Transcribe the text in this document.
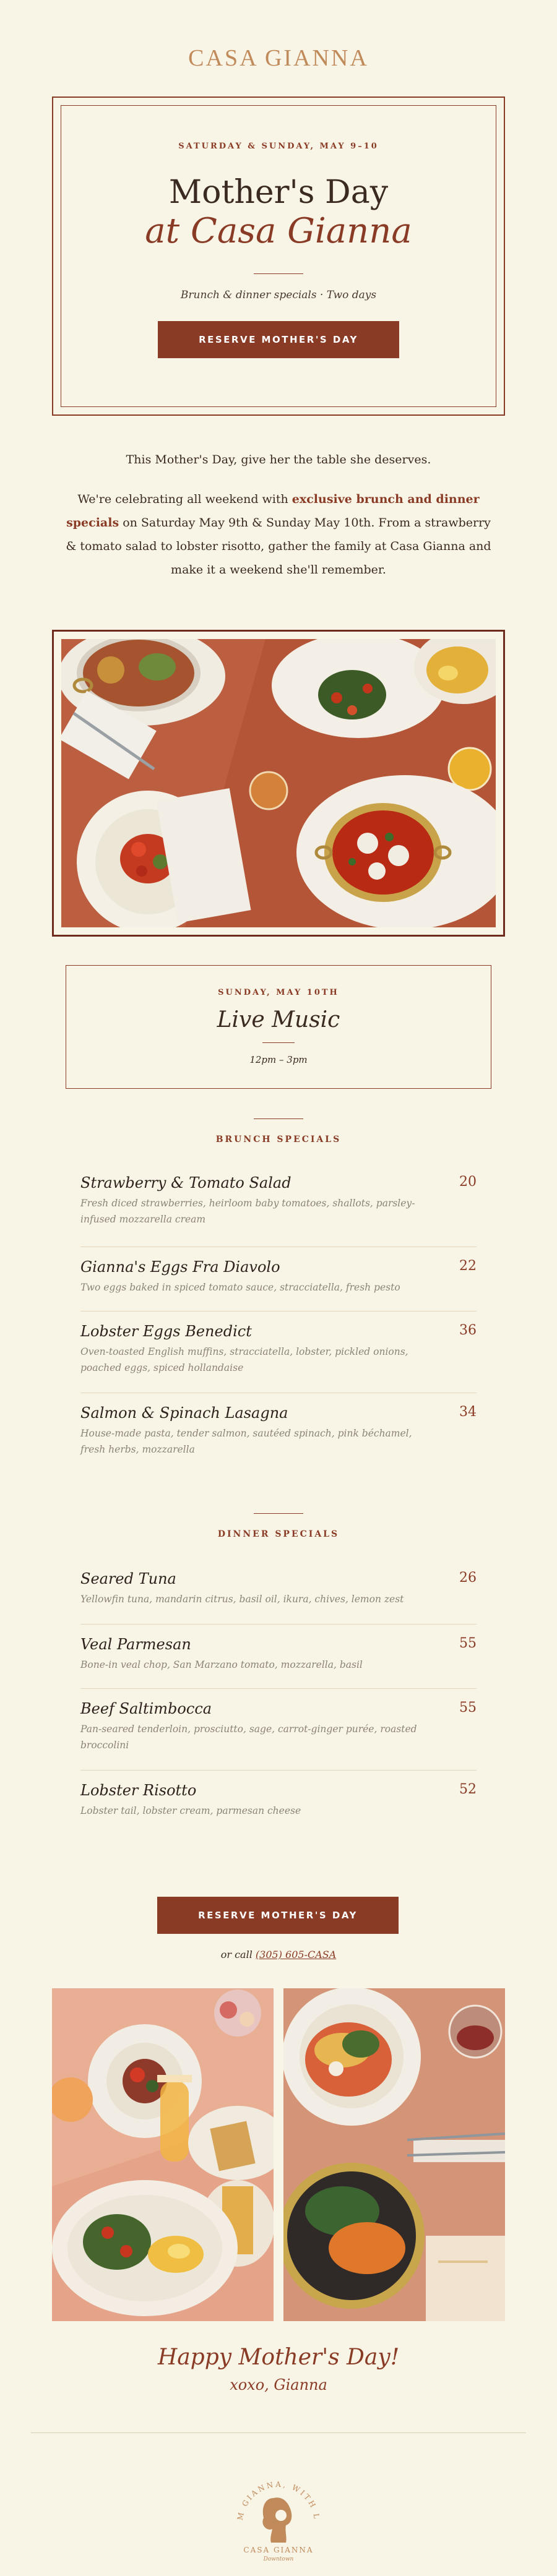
CASA GIANNA
SATURDAY & SUNDAY, MAY 9–10
Mother's Day
at Casa Gianna
Brunch & dinner specials · Two days
RESERVE MOTHER'S DAY

This Mother's Day, give her the table she deserves.

We're celebrating all weekend with exclusive brunch and dinner specials on Saturday May 9th & Sunday May 10th. From a strawberry & tomato salad to lobster risotto, gather the family at Casa Gianna and make it a weekend she'll remember.

SUNDAY, MAY 10TH
Live Music
12pm – 3pm
BRUNCH SPECIALS
Strawberry & Tomato Salad	20
Fresh diced strawberries, heirloom baby tomatoes, shallots, parsley-infused mozzarella cream
Gianna's Eggs Fra Diavolo	22
Two eggs baked in spiced tomato sauce, stracciatella, fresh pesto
Lobster Eggs Benedict	36
Oven-toasted English muffins, stracciatella, lobster, pickled onions, poached eggs, spiced hollandaise
Salmon & Spinach Lasagna	34
House-made pasta, tender salmon, sautéed spinach, pink béchamel, fresh herbs, mozzarella
DINNER SPECIALS
Seared Tuna	26
Yellowfin tuna, mandarin citrus, basil oil, ikura, chives, lemon zest
Veal Parmesan	55
Bone-in veal chop, San Marzano tomato, mozzarella, basil
Beef Saltimbocca	55
Pan-seared tenderloin, prosciutto, sage, carrot-ginger purée, roasted broccolini
Lobster Risotto	52
Lobster tail, lobster cream, parmesan cheese
RESERVE MOTHER'S DAY
or call (305) 605-CASA
Happy Mother's Day!
xoxo, Gianna
M GIANNA, WITH L
CASA GIANNA
Downtown
